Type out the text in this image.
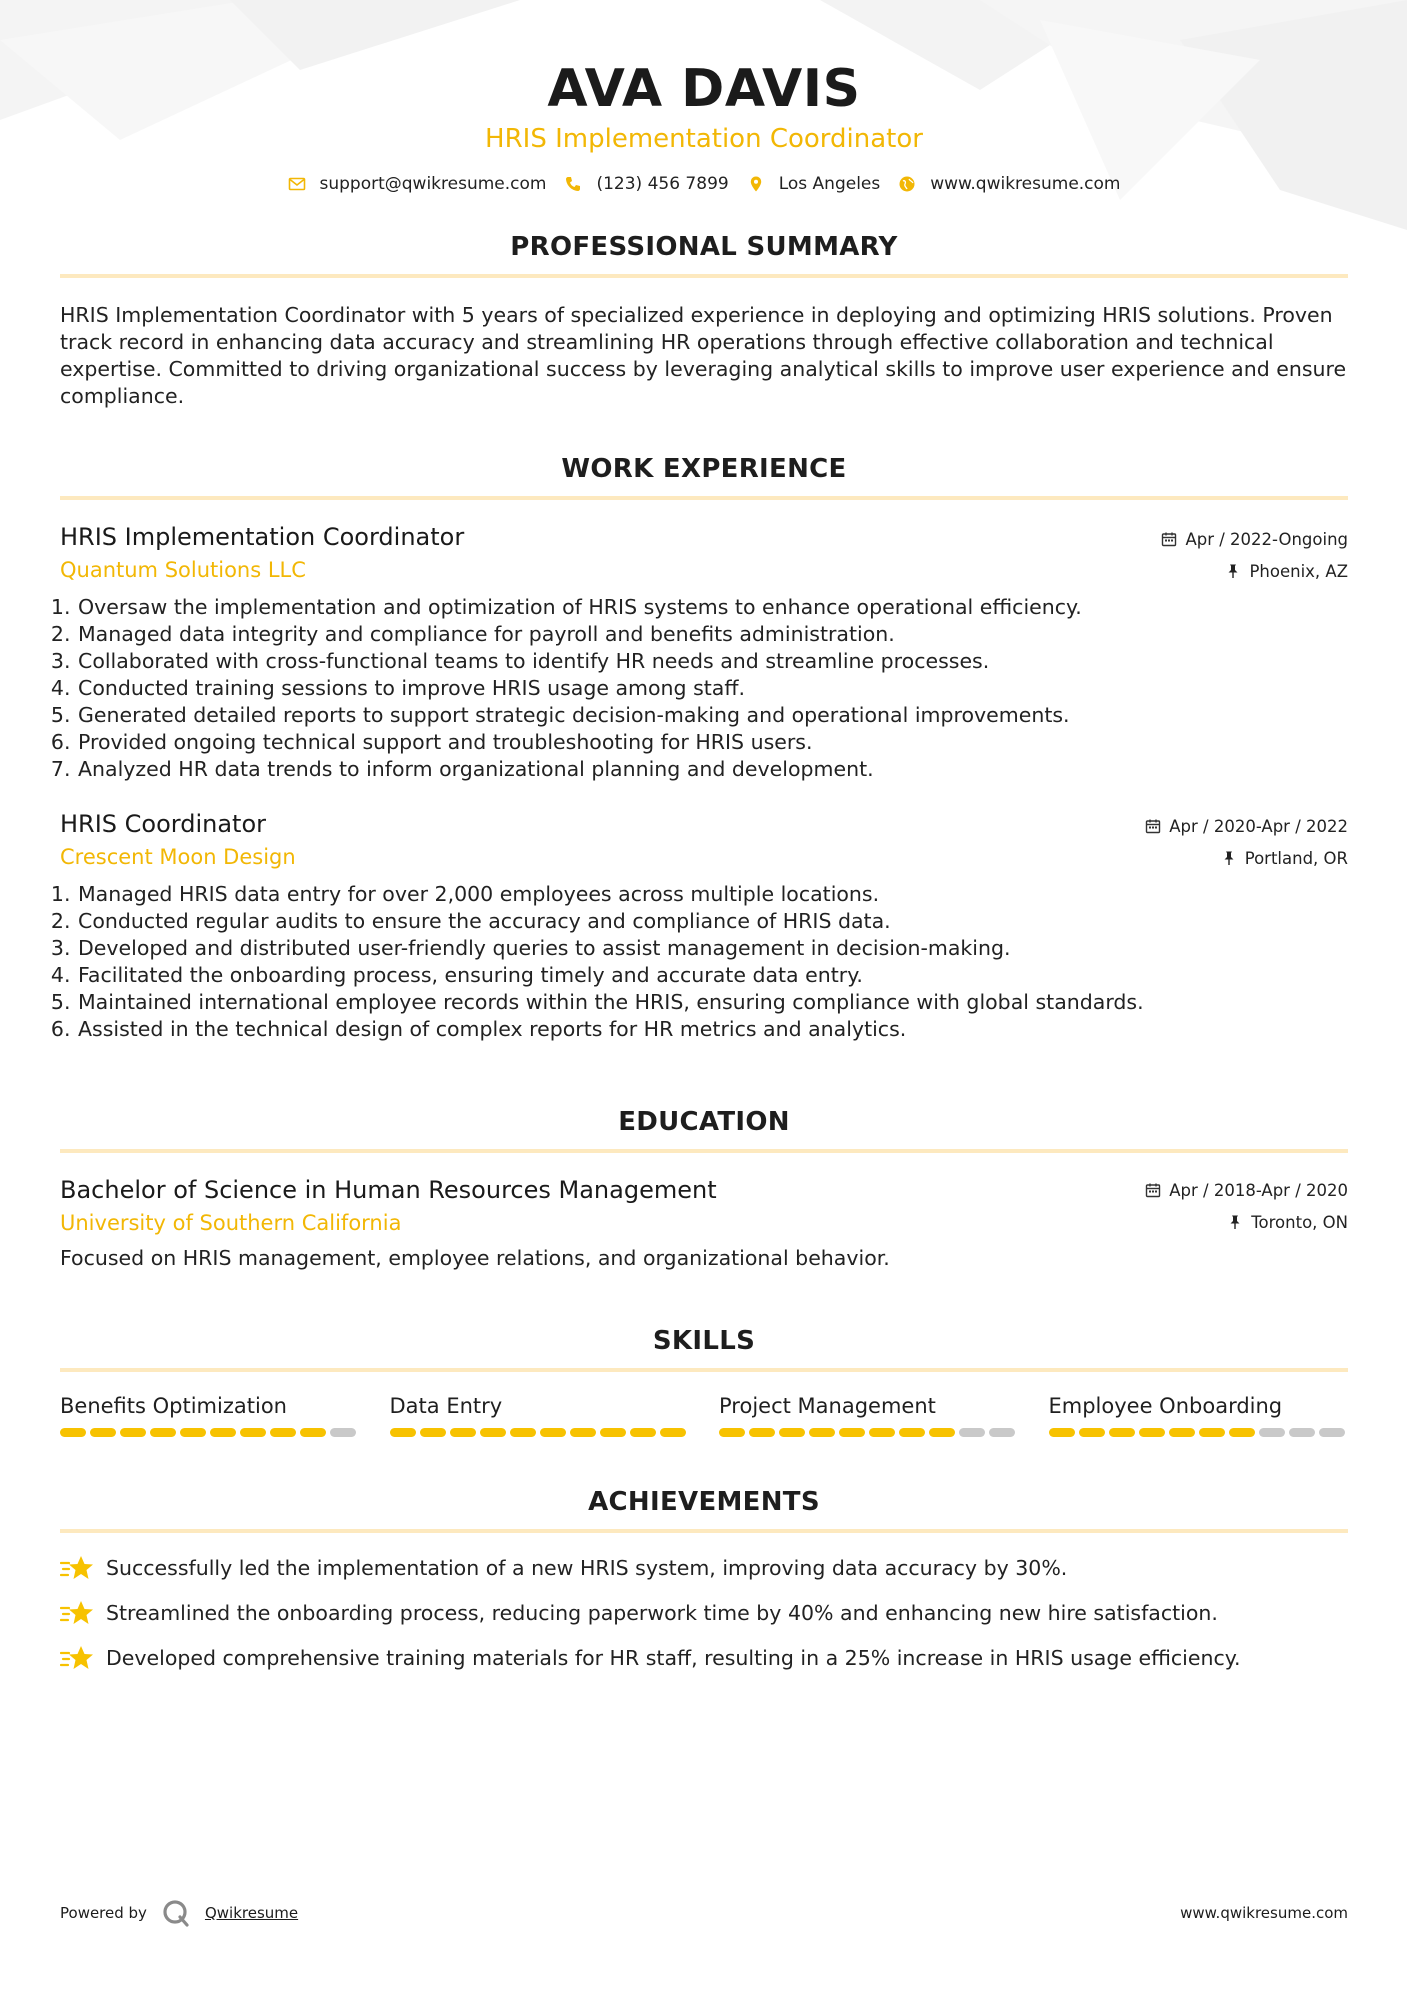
AVA DAVIS
HRIS Implementation Coordinator
support@qwikresume.com	(123) 456 7899	Los Angeles	www.qwikresume.com
PROFESSIONAL SUMMARY
HRIS Implementation Coordinator with 5 years of specialized experience in deploying and optimizing HRIS solutions. Proven track record in enhancing data accuracy and streamlining HR operations through effective collaboration and technical expertise. Committed to driving organizational success by leveraging analytical skills to improve user experience and ensure compliance.
WORK EXPERIENCE
HRIS Implementation Coordinator
Quantum Solutions LLC
Apr / 2022-Ongoing
Phoenix, AZ
1. Oversaw the implementation and optimization of HRIS systems to enhance operational efficiency.
2. Managed data integrity and compliance for payroll and benefits administration.
3. Collaborated with cross-functional teams to identify HR needs and streamline processes.
4. Conducted training sessions to improve HRIS usage among staff.
5. Generated detailed reports to support strategic decision-making and operational improvements.
6. Provided ongoing technical support and troubleshooting for HRIS users.
7. Analyzed HR data trends to inform organizational planning and development.
HRIS Coordinator
Crescent Moon Design
Apr / 2020-Apr / 2022
Portland, OR
1. Managed HRIS data entry for over 2,000 employees across multiple locations.
2. Conducted regular audits to ensure the accuracy and compliance of HRIS data.
3. Developed and distributed user-friendly queries to assist management in decision-making.
4. Facilitated the onboarding process, ensuring timely and accurate data entry.
5. Maintained international employee records within the HRIS, ensuring compliance with global standards.
6. Assisted in the technical design of complex reports for HR metrics and analytics.
EDUCATION
Bachelor of Science in Human Resources Management
University of Southern California
Apr / 2018-Apr / 2020
Toronto, ON
Focused on HRIS management, employee relations, and organizational behavior.
SKILLS
Benefits Optimization	Data Entry	Project Management	Employee Onboarding
ACHIEVEMENTS
Successfully led the implementation of a new HRIS system, improving data accuracy by 30%.
Streamlined the onboarding process, reducing paperwork time by 40% and enhancing new hire satisfaction.
Developed comprehensive training materials for HR staff, resulting in a 25% increase in HRIS usage efficiency.
Powered by	Qwikresume	www.qwikresume.com
